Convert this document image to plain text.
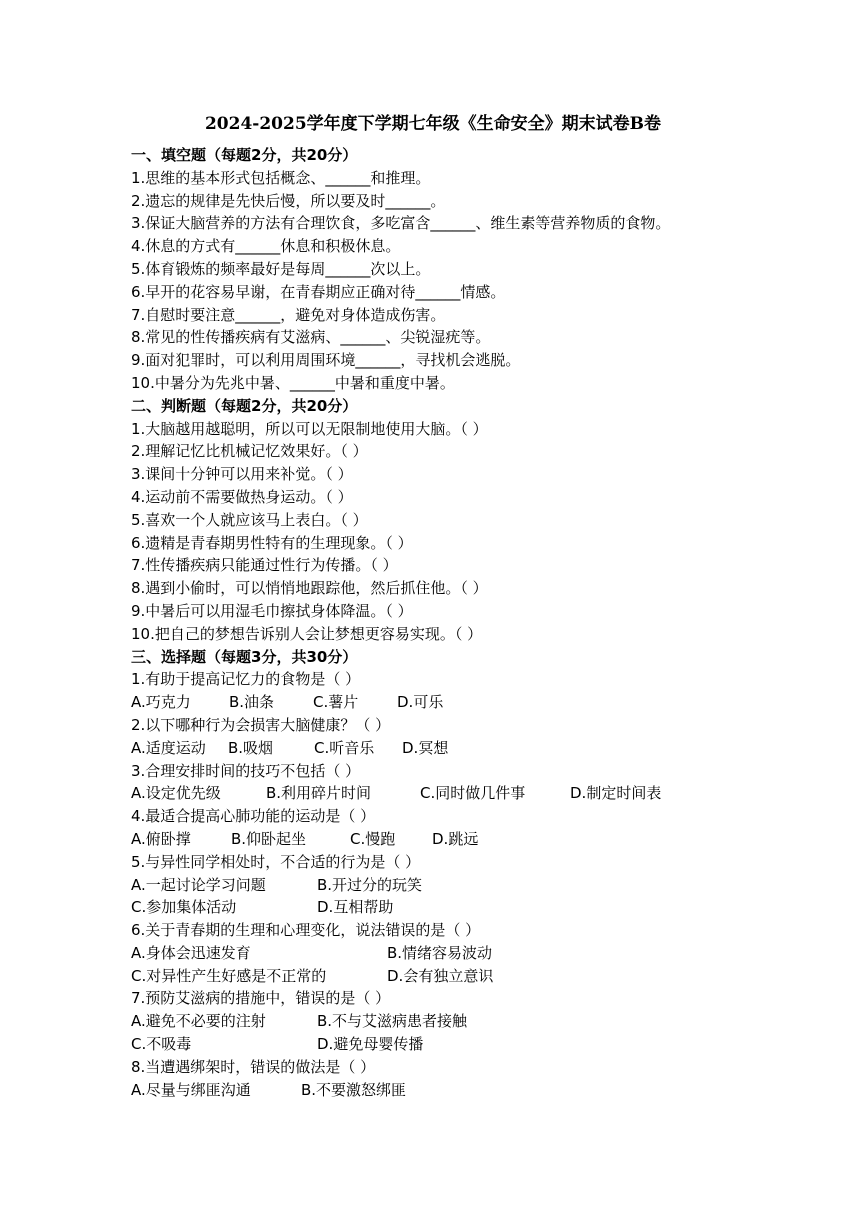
2024-2025学年度下学期七年级《生命安全》期末试卷B卷
一、填空题（每题2分，共20分）
1.思维的基本形式包括概念、______和推理。
2.遗忘的规律是先快后慢，所以要及时______。
3.保证大脑营养的方法有合理饮食，多吃富含______、维生素等营养物质的食物。
4.休息的方式有______休息和积极休息。
5.体育锻炼的频率最好是每周______次以上。
6.早开的花容易早谢，在青春期应正确对待______情感。
7.自慰时要注意______，避免对身体造成伤害。
8.常见的性传播疾病有艾滋病、______、尖锐湿疣等。
9.面对犯罪时，可以利用周围环境______，寻找机会逃脱。
10.中暑分为先兆中暑、______中暑和重度中暑。
二、判断题（每题2分，共20分）
1.大脑越用越聪明，所以可以无限制地使用大脑。（ ）
2.理解记忆比机械记忆效果好。（ ）
3.课间十分钟可以用来补觉。（ ）
4.运动前不需要做热身运动。（ ）
5.喜欢一个人就应该马上表白。（ ）
6.遗精是青春期男性特有的生理现象。（ ）
7.性传播疾病只能通过性行为传播。（ ）
8.遇到小偷时，可以悄悄地跟踪他，然后抓住他。（ ）
9.中暑后可以用湿毛巾擦拭身体降温。（ ）
10.把自己的梦想告诉别人会让梦想更容易实现。（ ）
三、选择题（每题3分，共30分）
1.有助于提高记忆力的食物是（ ）
A.巧克力	B.油条	C.薯片	D.可乐
2.以下哪种行为会损害大脑健康？（ ）
A.适度运动 B.吸烟	C.听音乐 D.冥想
3.合理安排时间的技巧不包括（ ）
A.设定优先级	B.利用碎片时间	C.同时做几件事	D.制定时间表
4.最适合提高心肺功能的运动是（ ）
A.俯卧撑	B.仰卧起坐	C.慢跑 D.跳远
5.与异性同学相处时，不合适的行为是（ ）
A.一起讨论学习问题	B.开过分的玩笑
C.参加集体活动	D.互相帮助
6.关于青春期的生理和心理变化，说法错误的是（ ）
A.身体会迅速发育	B.情绪容易波动
C.对异性产生好感是不正常的	D.会有独立意识
7.预防艾滋病的措施中，错误的是（ ）
A.避免不必要的注射	B.不与艾滋病患者接触
C.不吸毒	D.避免母婴传播
8.当遭遇绑架时，错误的做法是（ ）
A.尽量与绑匪沟通	B.不要激怒绑匪
